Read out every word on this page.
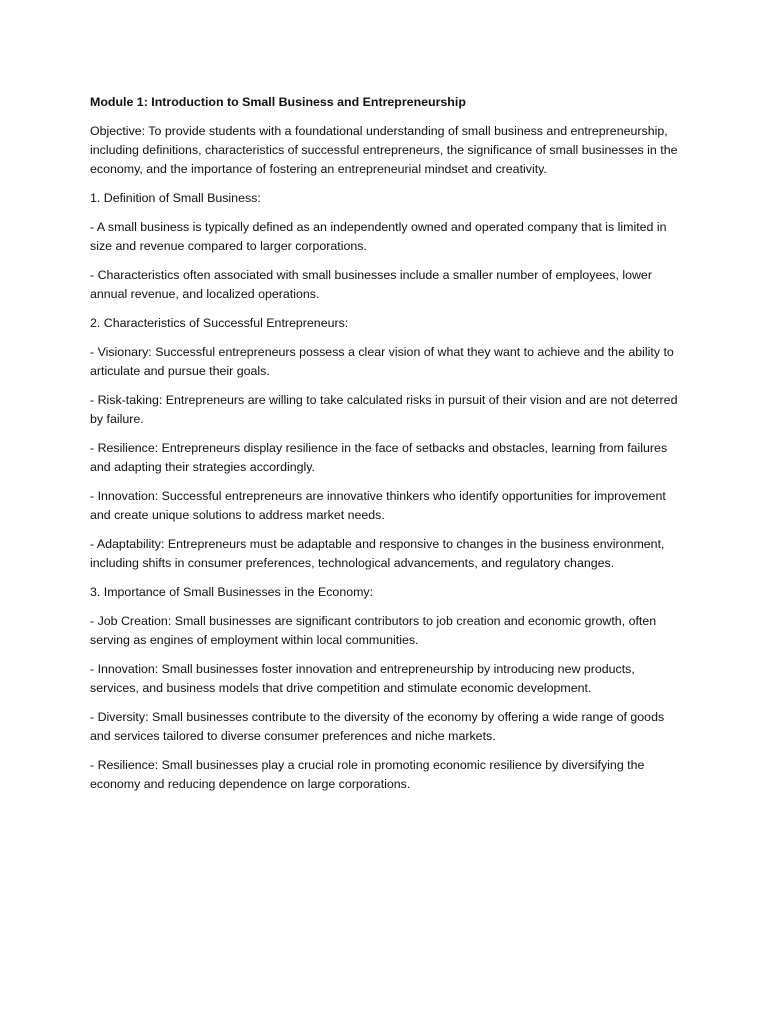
Module 1: Introduction to Small Business and Entrepreneurship

Objective: To provide students with a foundational understanding of small business and entrepreneurship, including definitions, characteristics of successful entrepreneurs, the significance of small businesses in the economy, and the importance of fostering an entrepreneurial mindset and creativity.

1. Definition of Small Business:

- A small business is typically defined as an independently owned and operated company that is limited in size and revenue compared to larger corporations.

- Characteristics often associated with small businesses include a smaller number of employees, lower annual revenue, and localized operations.

2. Characteristics of Successful Entrepreneurs:

- Visionary: Successful entrepreneurs possess a clear vision of what they want to achieve and the ability to articulate and pursue their goals.

- Risk-taking: Entrepreneurs are willing to take calculated risks in pursuit of their vision and are not deterred by failure.

- Resilience: Entrepreneurs display resilience in the face of setbacks and obstacles, learning from failures and adapting their strategies accordingly.

- Innovation: Successful entrepreneurs are innovative thinkers who identify opportunities for improvement and create unique solutions to address market needs.

- Adaptability: Entrepreneurs must be adaptable and responsive to changes in the business environment, including shifts in consumer preferences, technological advancements, and regulatory changes.

3. Importance of Small Businesses in the Economy:

- Job Creation: Small businesses are significant contributors to job creation and economic growth, often serving as engines of employment within local communities.

- Innovation: Small businesses foster innovation and entrepreneurship by introducing new products, services, and business models that drive competition and stimulate economic development.

- Diversity: Small businesses contribute to the diversity of the economy by offering a wide range of goods and services tailored to diverse consumer preferences and niche markets.

- Resilience: Small businesses play a crucial role in promoting economic resilience by diversifying the economy and reducing dependence on large corporations.
